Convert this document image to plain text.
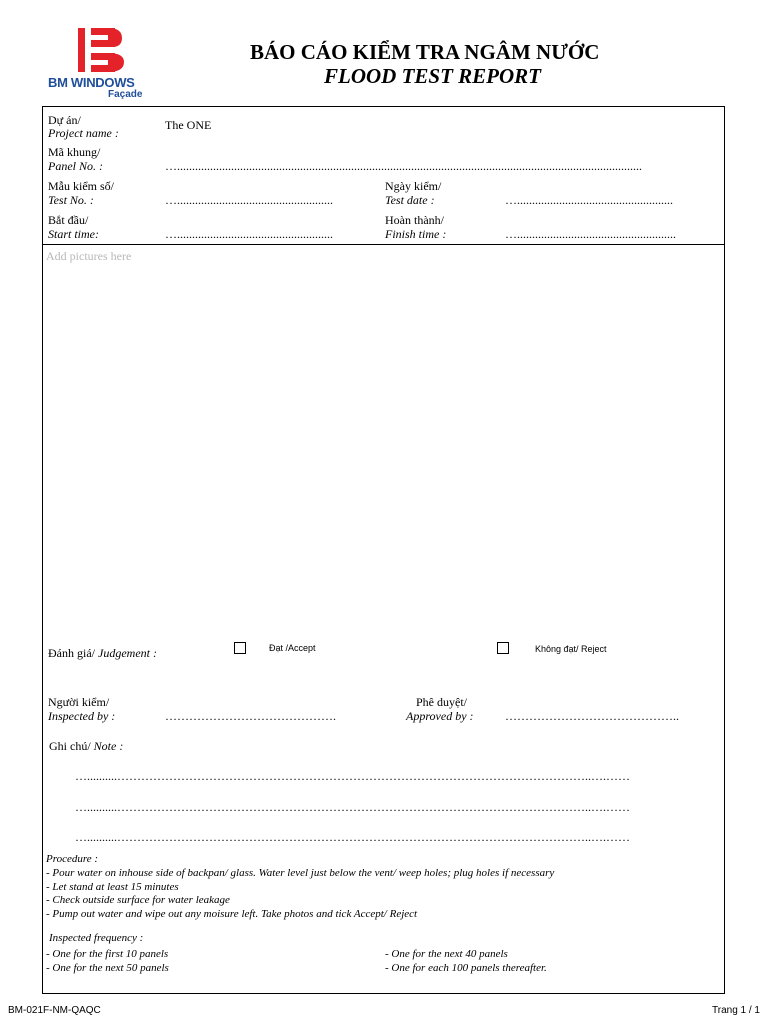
BM WINDOWS
Façade
BÁO CÁO KIỂM TRA NGÂM NƯỚC
FLOOD TEST REPORT
Dự án/
Project name :
The ONE
Mã khung/
Panel No. :	…...........................................................................................................................................................
Mẫu kiểm số/
Test No. :	…....................................................
Ngày kiểm/
Test date :	…....................................................
Bắt đầu/
Start time:	…....................................................
Hoàn thành/
Finish time :	….....................................................
Add pictures here
Đánh giá/ Judgement :	Đạt /Accept	Không đạt/ Reject
Người kiểm/
Inspected by :	…………………………………….
Phê duyệt/
Approved by :	……………………………………..
Ghi chú/ Note :
…..........………………………………………………………………………………………………………..….……
…..........………………………………………………………………………………………………………..….……
…..........………………………………………………………………………………………………………..….……
Procedure :
- Pour water on inhouse side of backpan/ glass. Water level just below the vent/ weep holes; plug holes if necessary
- Let stand at least 15 minutes
- Check outside surface for water leakage
- Pump out water and wipe out any moisure left. Take photos and tick Accept/ Reject
Inspected frequency :
- One for the first 10 panels
- One for the next 50 panels
- One for the next 40 panels
- One for each 100 panels thereafter.
BM-021F-NM-QAQC	Trang 1 / 1
